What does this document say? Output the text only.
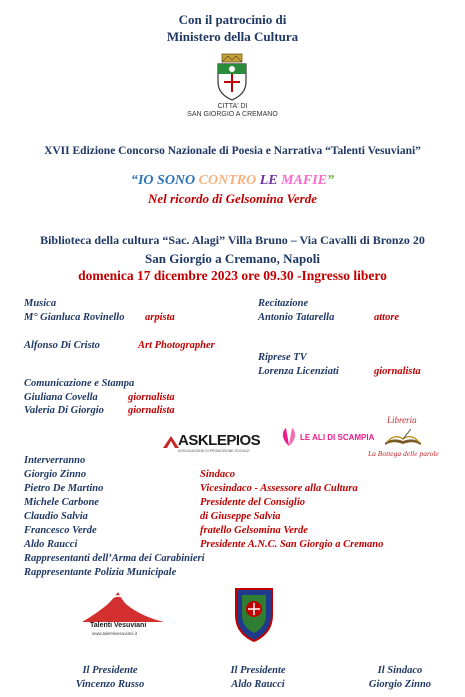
Con il patrocinio di
Ministero della Cultura
CITTA' DI
SAN GIORGIO A CREMANO
XVII Edizione Concorso Nazionale di Poesia e Narrativa “Talenti Vesuviani”
“IO SONO CONTRO LE MAFIE”
Nel ricordo di Gelsomina Verde
Biblioteca della cultura “Sac. Alagi” Villa Bruno – Via Cavalli di Bronzo 20
San Giorgio a Cremano, Napoli
domenica 17 dicembre 2023 ore 09.30 -Ingresso libero
Musica
M° Gianluca Rovinello arpista
Alfonso Di Cristo	Art Photographer
Comunicazione e Stampa
Giuliana Covella	giornalista
Valeria Di Giorgio giornalista
Recitazione
Antonio Tatarella	attore
Riprese TV
Lorenza Licenziati	giornalista
ASKLEPIOS
ASSOCIAZIONE DI PROMOZIONE SOCIALE
LE ALI DI SCAMPIA
Libreria
La Bottega delle parole
Interverranno
Giorgio Zinno	Sindaco
Pietro De Martino	Vicesindaco - Assessore alla Cultura
Michele Carbone	Presidente del Consiglio
Claudio Salvia	di Giuseppe Salvia
Francesco Verde	fratello Gelsomina Verde
Aldo Raucci	Presidente A.N.C. San Giorgio a Cremano
Rappresentanti dell’Arma dei Carabinieri
Rappresentante Polizia Municipale
Talenti Vesuviani
www.talentivesuviani.it
Il Presidente
Vincenzo Russo
Il Presidente
Aldo Raucci
Il Sindaco
Giorgio Zinno
